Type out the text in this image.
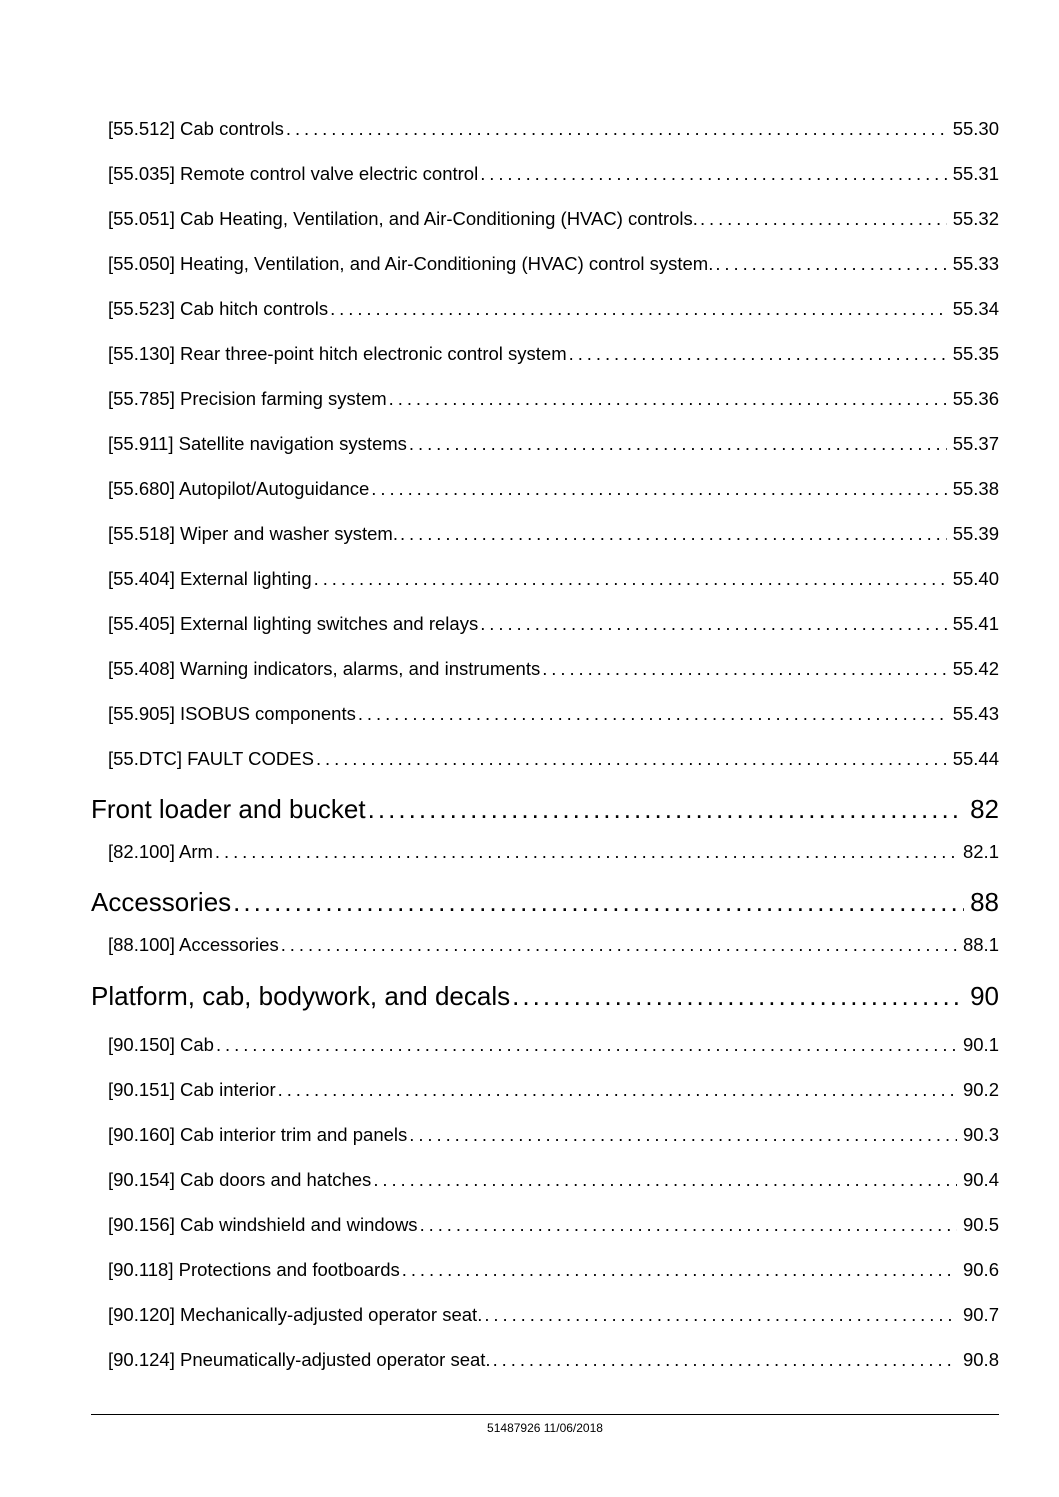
[55.512] Cab controls . . .	55.30
[55.035] Remote control valve electric control . . .	55.31
[55.051] Cab Heating, Ventilation, and Air-Conditioning (HVAC) controls. . . .	55.32
[55.050] Heating, Ventilation, and Air-Conditioning (HVAC) control system. . . .	55.33
[55.523] Cab hitch controls . . .	55.34
[55.130] Rear three-point hitch electronic control system . . .	55.35
[55.785] Precision farming system . . .	55.36
[55.911] Satellite navigation systems . . .	55.37
[55.680] Autopilot/Autoguidance . . .	55.38
[55.518] Wiper and washer system. . . .	55.39
[55.404] External lighting . . .	55.40
[55.405] External lighting switches and relays . . .	55.41
[55.408] Warning indicators, alarms, and instruments . . .	55.42
[55.905] ISOBUS components . . .	55.43
[55.DTC] FAULT CODES . . .	55.44
Front loader and bucket . . .	82
[82.100] Arm . . .	82.1
Accessories . . .	88
[88.100] Accessories . . .	88.1
Platform, cab, bodywork, and decals . . .	90
[90.150] Cab . . .	90.1
[90.151] Cab interior . . .	90.2
[90.160] Cab interior trim and panels . . .	90.3
[90.154] Cab doors and hatches . . .	90.4
[90.156] Cab windshield and windows . . .	90.5
[90.118] Protections and footboards . . .	90.6
[90.120] Mechanically-adjusted operator seat. . . .	90.7
[90.124] Pneumatically-adjusted operator seat. . . .	90.8
51487926 11/06/2018
